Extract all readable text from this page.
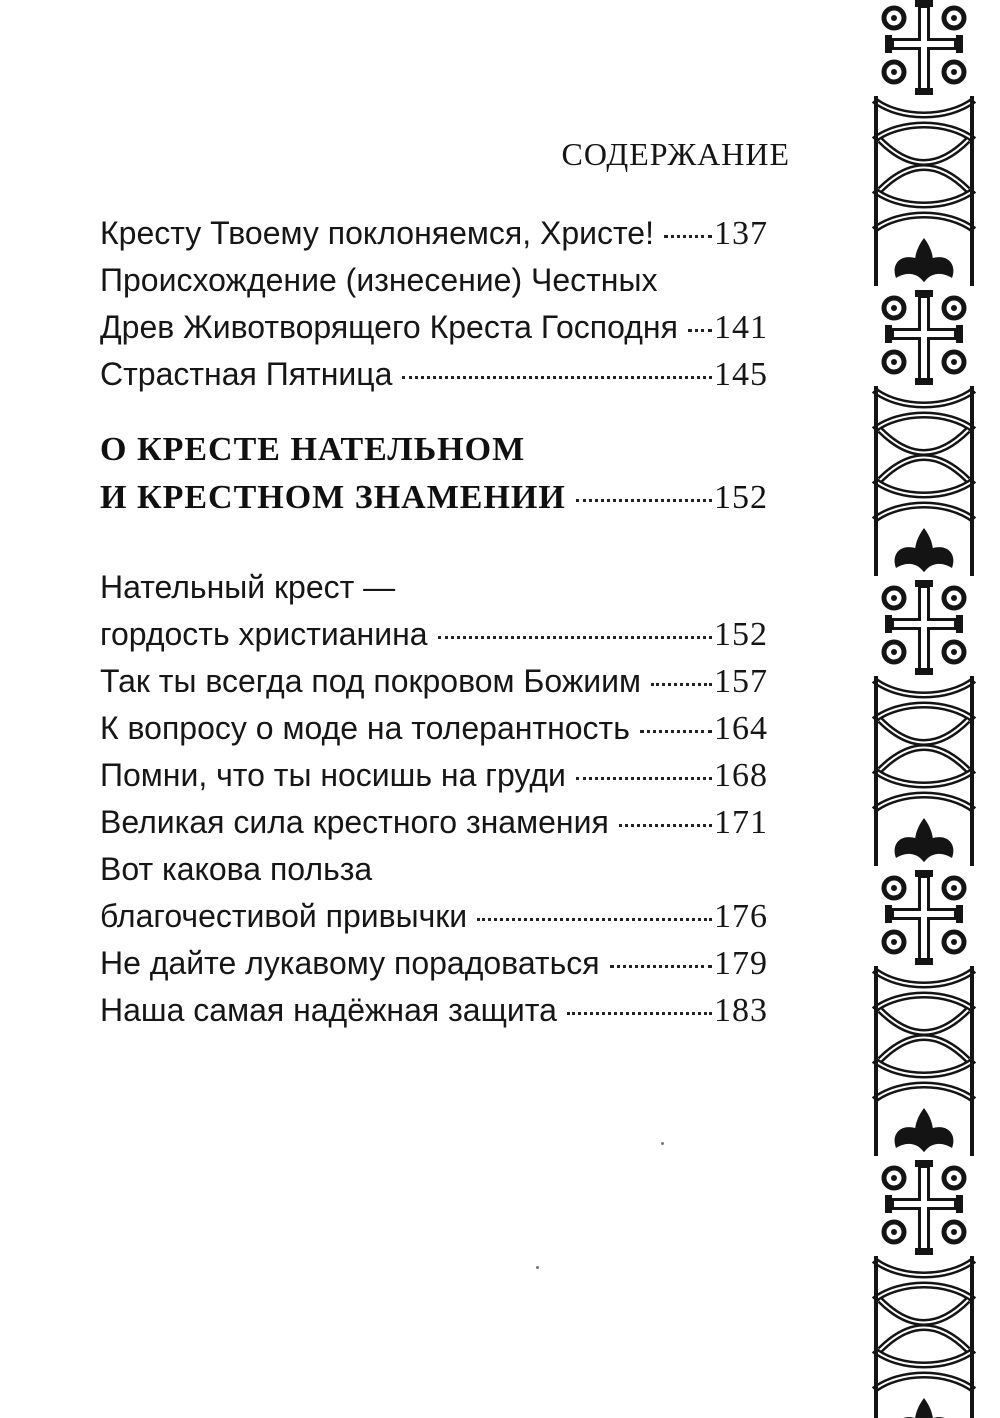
СОДЕРЖАНИЕ
Кресту Твоему поклоняемся, Христе! 137
Происхождение (изнесение) Честных
Древ Животворящего Креста Господня 141
Страстная Пятница	145
О КРЕСТЕ НАТЕЛЬНОМ
И КРЕСТНОМ ЗНАМЕНИИ	152
Нательный крест —
гордость христианина	152
Так ты всегда под покровом Божиим 157
К вопросу о моде на толерантность 164
Помни, что ты носишь на груди	168
Великая сила крестного знамения	171
Вот какова польза
благочестивой привычки	176
Не дайте лукавому порадоваться	179
Наша самая надёжная защита	183
